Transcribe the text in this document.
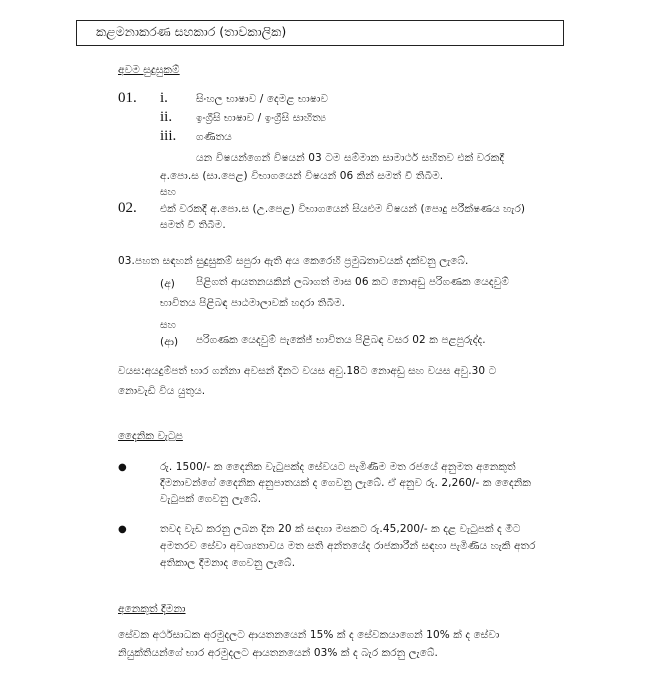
කළමනාකරණ සහකාර (තාවකාලික)
අවම සුදුසුකම්
01. i.	සිංහල භාෂාව / දෙමළ භාෂාව
ii. ඉංග්‍රීසි භාෂාව / ඉංග්‍රීසි සාහිත්‍ය
iii. ගණිතය
යන විෂයන්ගෙන් විෂයන් 03 ටම සම්මාන සාමාර්ථ සහිතව එක් වරකදී
අ.පො.ස (සා.පෙළ) විභාගයෙන් විෂයන් 06 කින් සමත් වී තිබීම.
සහ
02. එක් වරකදී අ.පො.ස (උ.පෙළ) විභාගයෙන් සියළුම විෂයන් (පොදු පරීක්ෂණය හැර)
සමත් වී තිබීම.
03.පහත සඳහන් සුදුසුකම් සපුරා ඇති අය කෙරෙහි ප්‍රමුඛතාවයක් දක්වනු ලැබේ.
(අ) පිළිගත් ආයතනයකින් ලබාගත් මාස 06 කට නොඅඩු පරිගණක යෙදවුම්
භාවිතය පිළිබඳ පාඨමාලාවක් හදාරා තිබීම.
සහ
(ආ) පරිගණක යෙදවුම් පැකේජ් භාවිතය පිළිබඳ වසර 02 ක පළපුරුද්ද.
වයස:අයදුම්පත් භාර ගන්නා අවසන් දිනට වයස අවු.18ට නොඅඩු සහ වයස අවු.30 ට
නොවැඩි විය යුතුය.
දෛනික වැටුප
●	රු. 1500/- ක දෛනික වැටුපක්ද සේවයට පැමිණීම මත රජයේ අනුමත අනෙකුත්
දීමනාවන්ගේ දෛනික අනුපාතයක් ද ගෙවනු ලැබේ. ඒ අනුව රු. 2,260/- ක දෛනික
වැටුපක් ගෙවනු ලැබේ.
●	තවද වැඩ කරනු ලබන දින 20 ක් සඳහා මසකට රු.45,200/- ක දළ වැටුපක් ද මීට
අමතරව සේවා අවශ්‍යතාවය මත සති අන්තයේද රාජකාරීන් සඳහා පැමිණිය හැකි අතර
අතිකාල දීමනාද ගෙවනු ලැබේ.
අනෙකුත් දීමනා
සේවක අර්ථසාධක අරමුදලට ආයතනයෙන් 15% ක් ද සේවකයාගෙන් 10% ක් ද සේවා
නියුක්තියන්ගේ භාර අරමුදලට ආයතනයෙන් 03% ක් ද බැර කරනු ලැබේ.
